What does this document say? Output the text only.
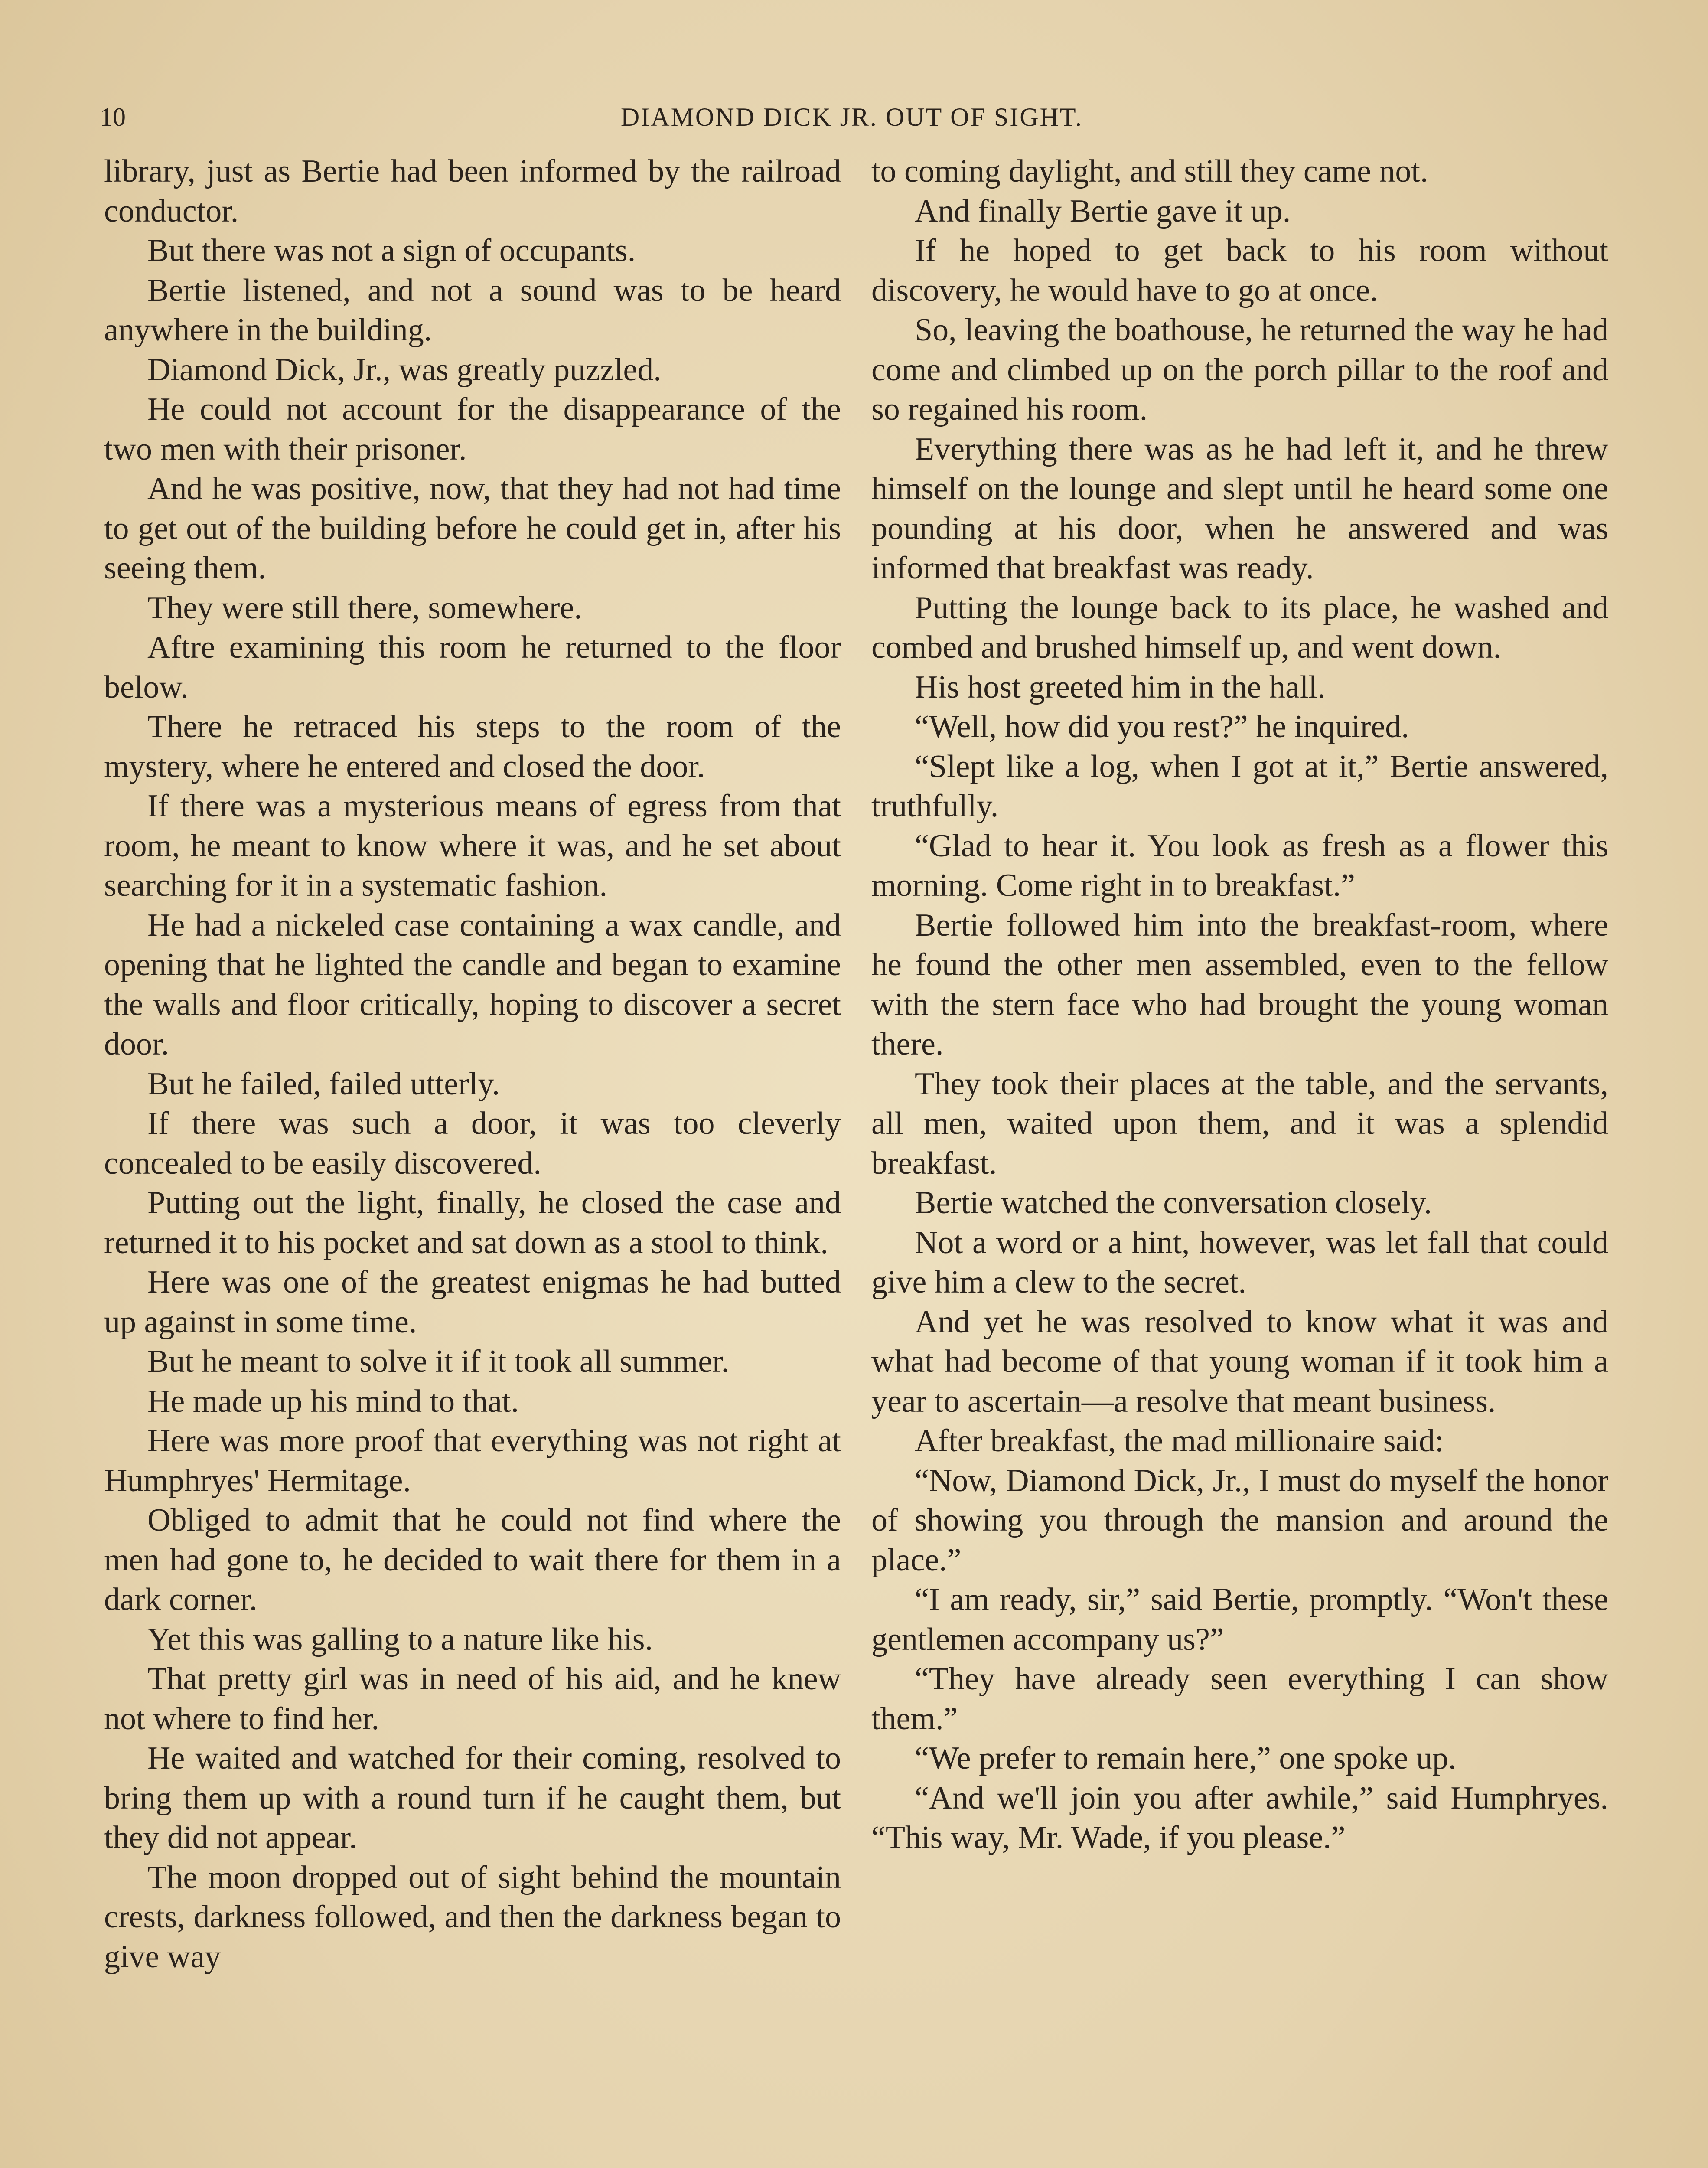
10	DIAMOND DICK JR. OUT OF SIGHT.

library, just as Bertie had been informed by the railroad conductor.

But there was not a sign of occupants.

Bertie listened, and not a sound was to be heard anywhere in the building.

Diamond Dick, Jr., was greatly puzzled.

He could not account for the disappearance of the two men with their prisoner.

And he was positive, now, that they had not had time to get out of the building before he could get in, after his seeing them.

They were still there, somewhere.

Aftre examining this room he returned to the floor below.

There he retraced his steps to the room of the mystery, where he entered and closed the door.

If there was a mysterious means of egress from that room, he meant to know where it was, and he set about searching for it in a systematic fashion.

He had a nickeled case containing a wax candle, and opening that he lighted the candle and began to examine the walls and floor critically, hoping to discover a secret door.

But he failed, failed utterly.

If there was such a door, it was too cleverly concealed to be easily discovered.

Putting out the light, finally, he closed the case and returned it to his pocket and sat down as a stool to think.

Here was one of the greatest enigmas he had butted up against in some time.

But he meant to solve it if it took all summer.

He made up his mind to that.

Here was more proof that everything was not right at Humphryes' Hermitage.

Obliged to admit that he could not find where the men had gone to, he decided to wait there for them in a dark corner.

Yet this was galling to a nature like his.

That pretty girl was in need of his aid, and he knew not where to find her.

He waited and watched for their coming, resolved to bring them up with a round turn if he caught them, but they did not appear.

The moon dropped out of sight behind the mountain crests, darkness followed, and then the darkness began to give way

to coming daylight, and still they came not.

And finally Bertie gave it up.

If he hoped to get back to his room without discovery, he would have to go at once.

So, leaving the boathouse, he returned the way he had come and climbed up on the porch pillar to the roof and so regained his room.

Everything there was as he had left it, and he threw himself on the lounge and slept until he heard some one pounding at his door, when he answered and was informed that breakfast was ready.

Putting the lounge back to its place, he washed and combed and brushed himself up, and went down.

His host greeted him in the hall.

“Well, how did you rest?” he inquired.

“Slept like a log, when I got at it,” Bertie answered, truthfully.

“Glad to hear it. You look as fresh as a flower this morning. Come right in to breakfast.”

Bertie followed him into the breakfast-room, where he found the other men assembled, even to the fellow with the stern face who had brought the young woman there.

They took their places at the table, and the servants, all men, waited upon them, and it was a splendid breakfast.

Bertie watched the conversation closely.

Not a word or a hint, however, was let fall that could give him a clew to the secret.

And yet he was resolved to know what it was and what had become of that young woman if it took him a year to ascertain—a resolve that meant business.

After breakfast, the mad millionaire said:

“Now, Diamond Dick, Jr., I must do myself the honor of showing you through the mansion and around the place.”

“I am ready, sir,” said Bertie, promptly. “Won't these gentlemen accompany us?”

“They have already seen everything I can show them.”

“We prefer to remain here,” one spoke up.

“And we'll join you after awhile,” said Humphryes. “This way, Mr. Wade, if you please.”
